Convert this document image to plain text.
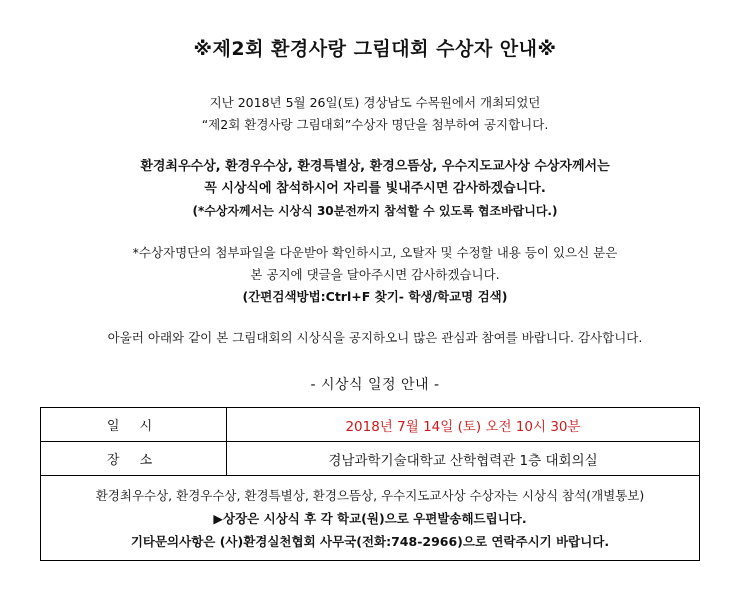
※제2회 환경사랑 그림대회 수상자 안내※
지난 2018년 5월 26일(토) 경상남도 수목원에서 개최되었던
“제2회 환경사랑 그림대회”수상자 명단을 첨부하여 공지합니다.
환경최우수상, 환경우수상, 환경특별상, 환경으뜸상, 우수지도교사상 수상자께서는
꼭 시상식에 참석하시어 자리를 빛내주시면 감사하겠습니다.
(*수상자께서는 시상식 30분전까지 참석할 수 있도록 협조바랍니다.)
*수상자명단의 첨부파일을 다운받아 확인하시고, 오탈자 및 수정할 내용 등이 있으신 분은
본 공지에 댓글을 달아주시면 감사하겠습니다.
(간편검색방법:Ctrl+F 찾기- 학생/학교명 검색)
아울러 아래와 같이 본 그림대회의 시상식을 공지하오니 많은 관심과 참여를 바랍니다. 감사합니다.
- 시상식 일정 안내 -
일 시	2018년 7월 14일 (토) 오전 10시 30분
장 소	경남과학기술대학교 산학협력관 1층 대회의실

환경최우수상, 환경우수상, 환경특별상, 환경으뜸상, 우수지도교사상 수상자는 시상식 참석(개별통보)
▶상장은 시상식 후 각 학교(원)으로 우편발송해드립니다.
기타문의사항은 (사)환경실천협회 사무국(전화:748-2966)으로 연락주시기 바랍니다.	
